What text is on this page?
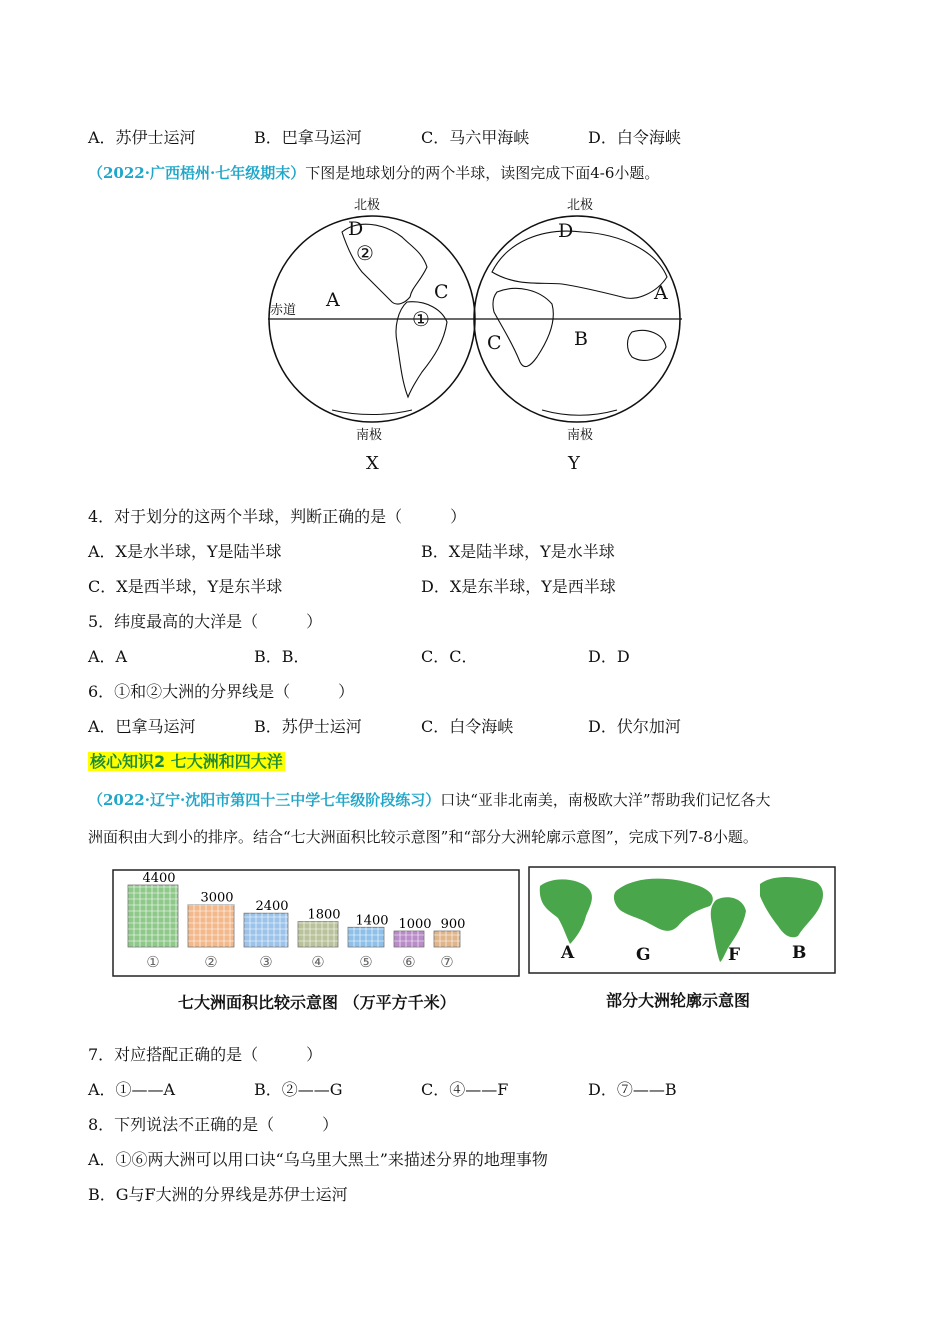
A．苏伊士运河	B．巴拿马运河	C．马六甲海峡	D．白令海峡
（2022·广西梧州·七年级期末）下图是地球划分的两个半球，读图完成下面4-6小题。
北极	北极
南极	南极
赤道
X	Y
D
②
A	C
①
D
A
C	B
4．对于划分的这两个半球，判断正确的是（　　　）
A．X是水半球，Y是陆半球	B．X是陆半球，Y是水半球
C．X是西半球，Y是东半球	D．X是东半球，Y是西半球
5．纬度最高的大洋是（　　　）
A．A	B．B．	C．C．	D．D
6．①和②大洲的分界线是（　　　）
A．巴拿马运河	B．苏伊士运河	C．白令海峡	D．伏尔加河
核心知识2 七大洲和四大洋
（2022·辽宁·沈阳市第四十三中学七年级阶段练习）口诀“亚非北南美，南极欧大洋”帮助我们记忆各大
洲面积由大到小的排序。结合“七大洲面积比较示意图”和“部分大洲轮廓示意图”，完成下列7-8小题。
4400
①
3000
②
2400
③
1800
④
1400
⑤
1000
⑥
900
⑦
七大洲面积比较示意图 （万平方千米）
A	G	F	B
部分大洲轮廓示意图
7．对应搭配正确的是（　　　）
A．①——A	B．②——G	C．④——F	D．⑦——B
8．下列说法不正确的是（　　　）
A．①⑥两大洲可以用口诀“乌乌里大黑土”来描述分界的地理事物
B．G与F大洲的分界线是苏伊士运河
